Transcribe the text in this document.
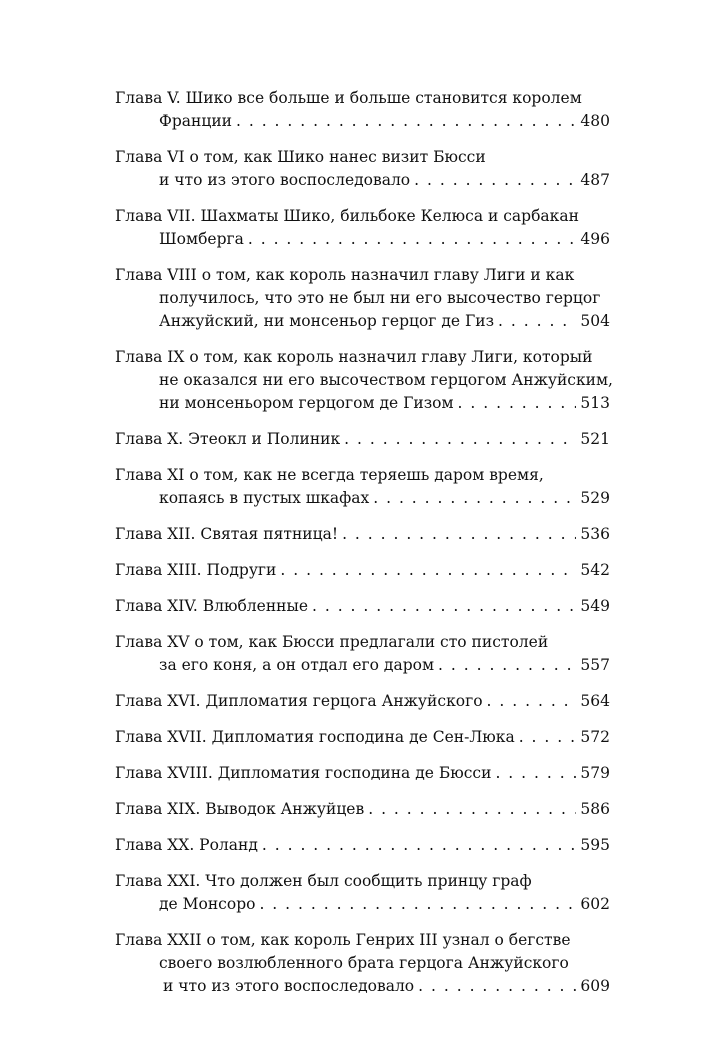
Глава V. Шико все больше и больше становится королем
Франции . . .	480
Глава VI о том, как Шико нанес визит Бюсси
и что из этого воспоследовало . . .	487
Глава VII. Шахматы Шико, бильбоке Келюса и сарбакан
Шомберга . . .	496
Глава VIII о том, как король назначил главу Лиги и как
получилось, что это не был ни его высочество герцог
Анжуйский, ни монсеньор герцог де Гиз . . .	504
Глава IX о том, как король назначил главу Лиги, который
не оказался ни его высочеством герцогом Анжуйским,
ни монсеньором герцогом де Гизом . . .	513
Глава X. Этеокл и Полиник . . .	521
Глава XI о том, как не всегда теряешь даром время,
копаясь в пустых шкафах . . .	529
Глава XII. Святая пятница! . . .	536
Глава XIII. Подруги . . .	542
Глава XIV. Влюбленные . . .	549
Глава XV о том, как Бюсси предлагали сто пистолей
за его коня, а он отдал его даром . . .	557
Глава XVI. Дипломатия герцога Анжуйского . . .	564
Глава XVII. Дипломатия господина де Сен-Люка . . .	572
Глава XVIII. Дипломатия господина де Бюсси . . .	579
Глава XIX. Выводок Анжуйцев . . .	586
Глава XX. Роланд . . .	595
Глава XXI. Что должен был сообщить принцу граф
де Монсоро . . .	602
Глава XXII о том, как король Генрих III узнал о бегстве
своего возлюбленного брата герцога Анжуйского
и что из этого воспоследовало . . .	609
